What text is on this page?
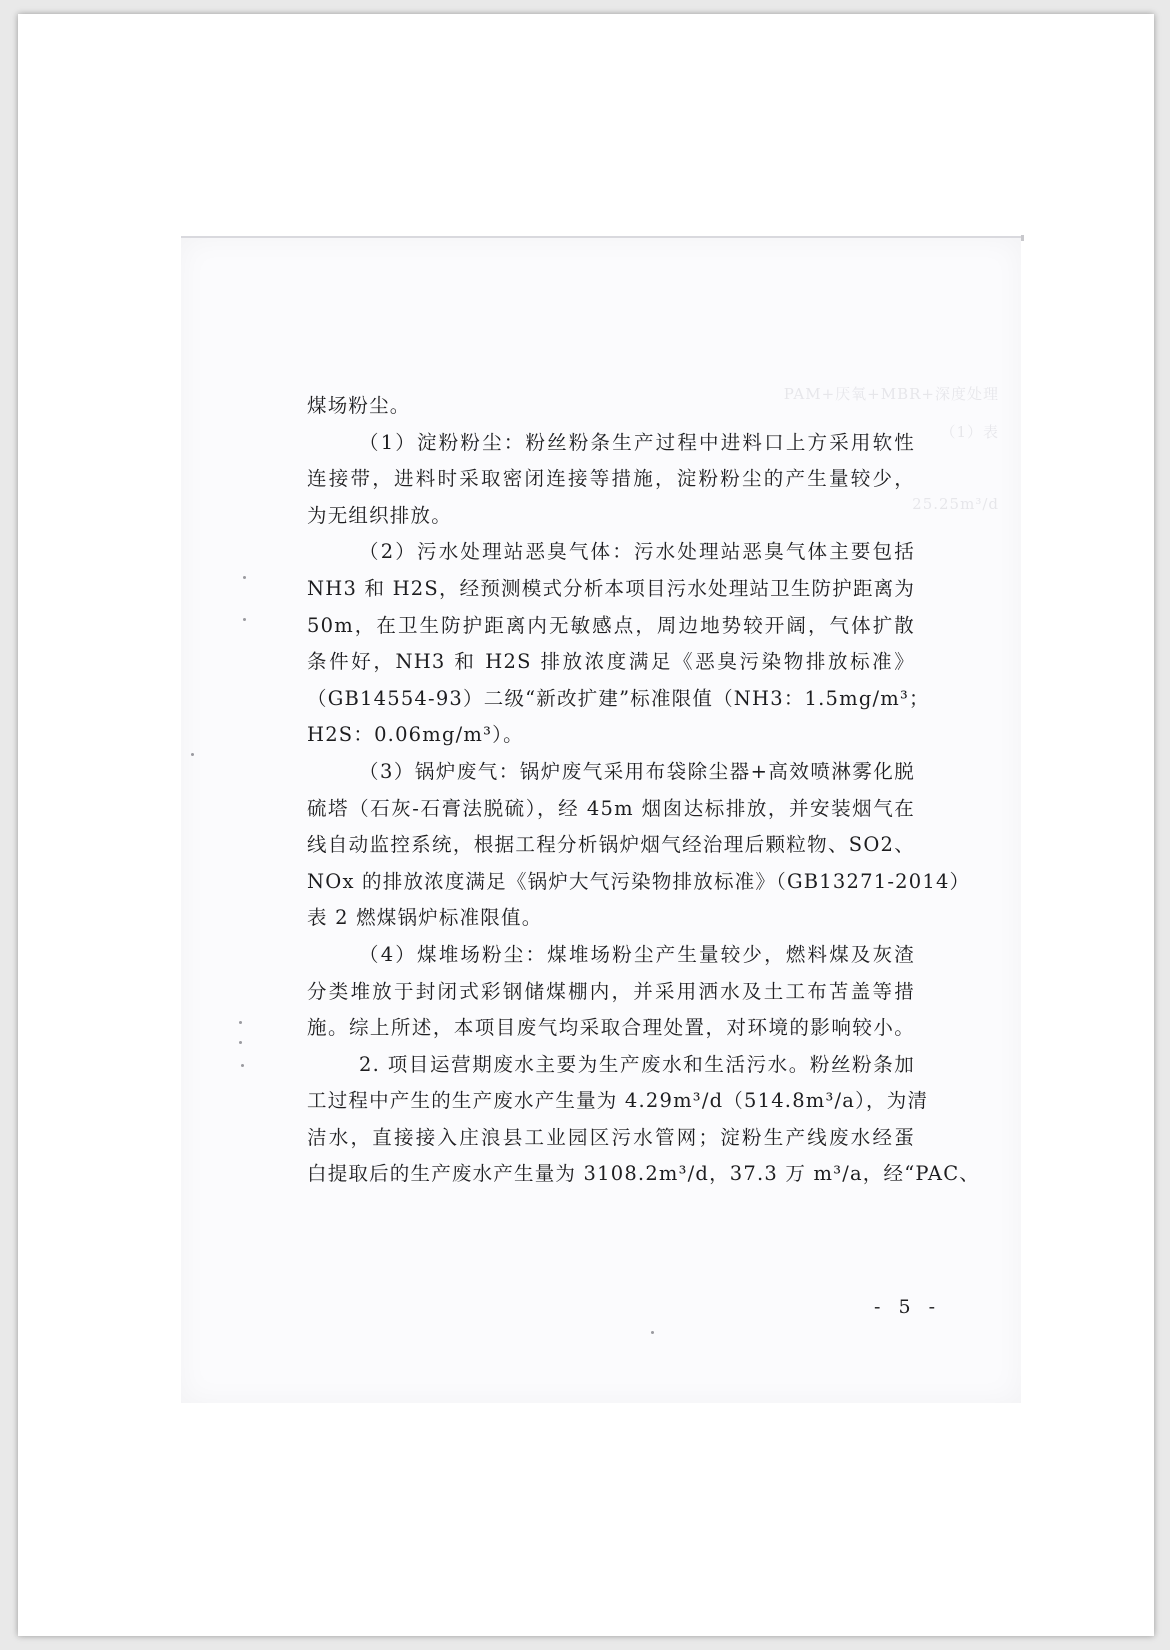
PAM+厌氧+MBR+深度处理
（1）表
25.25m³/d
煤场粉尘。
（1）淀粉粉尘：粉丝粉条生产过程中进料口上方采用软性
连接带，进料时采取密闭连接等措施，淀粉粉尘的产生量较少，
为无组织排放。
（2）污水处理站恶臭气体：污水处理站恶臭气体主要包括
NH3 和 H2S，经预测模式分析本项目污水处理站卫生防护距离为
50m，在卫生防护距离内无敏感点，周边地势较开阔，气体扩散
条件好，NH3 和 H2S 排放浓度满足《恶臭污染物排放标准》
（GB14554-93）二级“新改扩建”标准限值（NH3：1.5mg/m³；
H2S：0.06mg/m³）。
（3）锅炉废气：锅炉废气采用布袋除尘器+高效喷淋雾化脱
硫塔（石灰-石膏法脱硫），经 45m 烟囱达标排放，并安装烟气在
线自动监控系统，根据工程分析锅炉烟气经治理后颗粒物、SO2、
NOx 的排放浓度满足《锅炉大气污染物排放标准》（GB13271-2014）
表 2 燃煤锅炉标准限值。
（4）煤堆场粉尘：煤堆场粉尘产生量较少，燃料煤及灰渣
分类堆放于封闭式彩钢储煤棚内，并采用洒水及土工布苫盖等措
施。综上所述，本项目废气均采取合理处置，对环境的影响较小。
2. 项目运营期废水主要为生产废水和生活污水。粉丝粉条加
工过程中产生的生产废水产生量为 4.29m³/d（514.8m³/a），为清
洁水，直接接入庄浪县工业园区污水管网；淀粉生产线废水经蛋
白提取后的生产废水产生量为 3108.2m³/d，37.3 万 m³/a，经“PAC、
- 5 -
